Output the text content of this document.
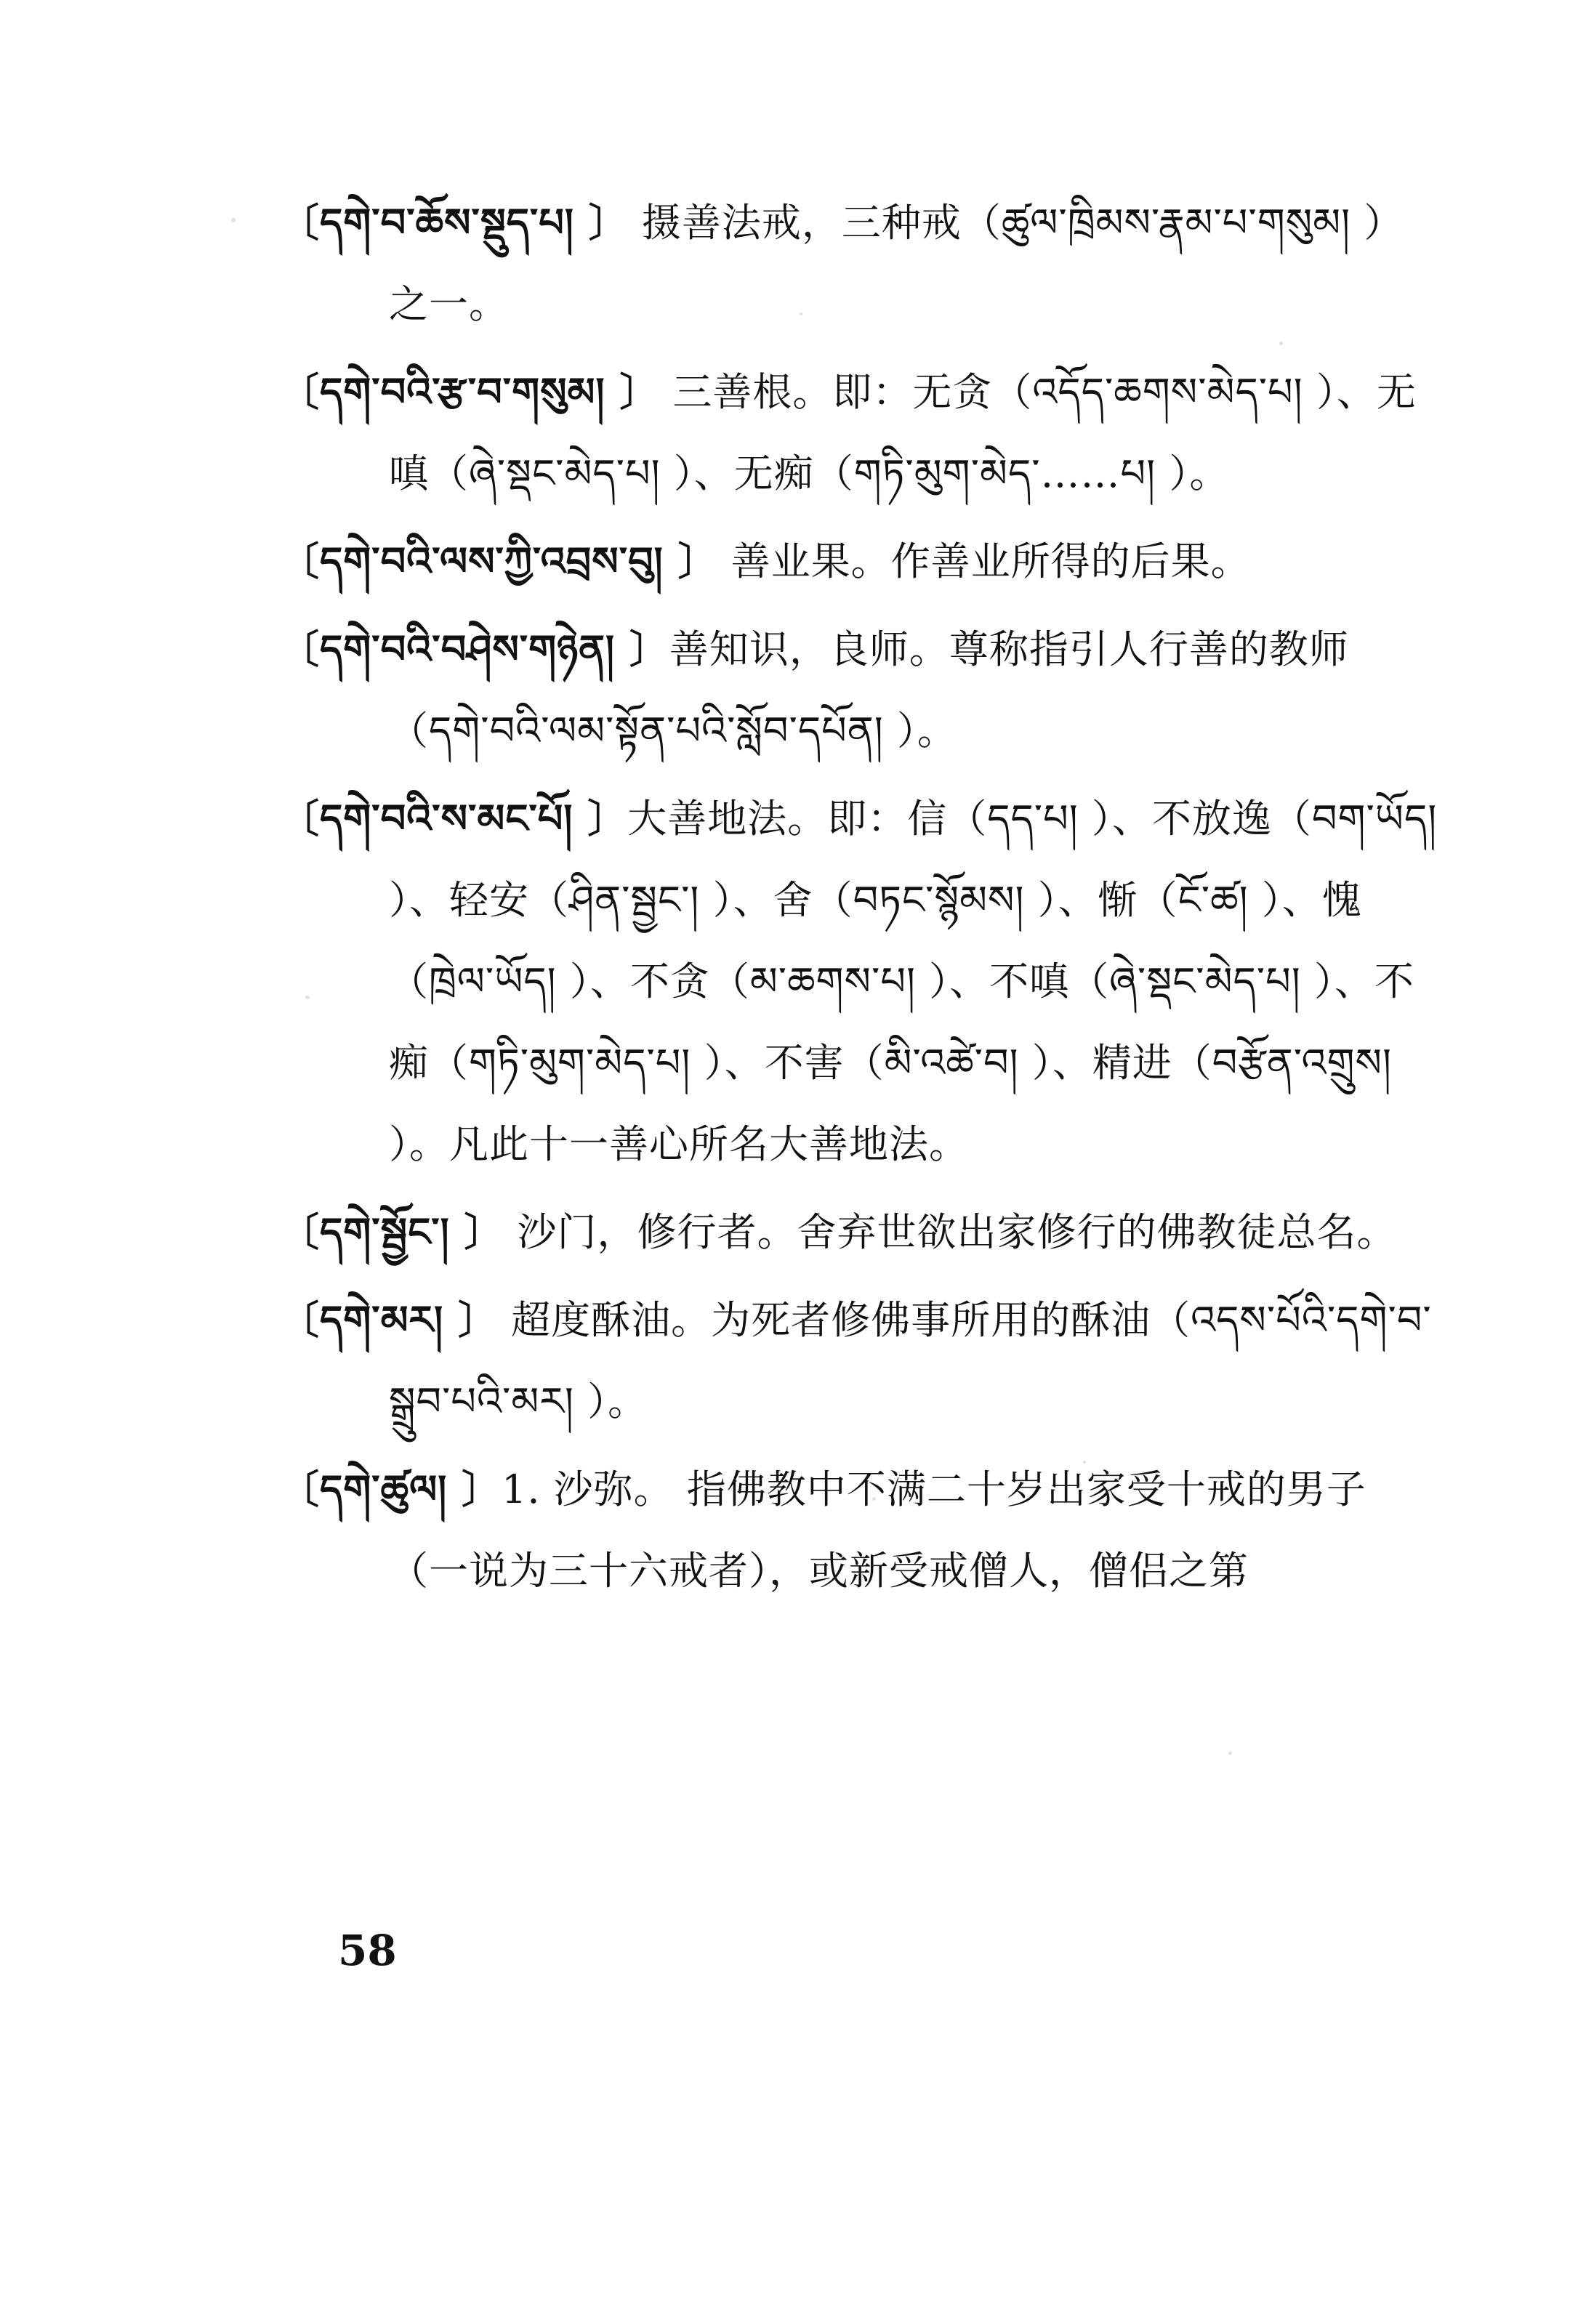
〔དགེ་བ་ཆོས་སྡུད་པ། 〕 摄善法戒，三种戒（ཚུལ་ཁྲིམས་རྣམ་པ་གསུམ། ）之一。

〔དགེ་བའི་རྩ་བ་གསུམ། 〕 三善根。即：无贪（འདོད་ཆགས་མེད་པ། ）、无嗔（ཞེ་སྡང་མེད་པ། ）、无痴（གཏི་མུག་མེད་……པ། ）。

〔དགེ་བའི་ལས་ཀྱི་འབྲས་བུ། 〕 善业果。作善业所得的后果。

〔དགེ་བའི་བཤེས་གཉེན། 〕善知识，良师。尊称指引人行善的教师（དགེ་བའི་ལམ་སྟོན་པའི་སློབ་དཔོན། ）。

〔དགེ་བའི་ས་མང་པོ། 〕大善地法。即：信（དད་པ། ）、不放逸（བག་ཡོད། ）、轻安（ཤིན་སྦྱང་། ）、舍（བཏང་སྙོམས། ）、惭（ངོ་ཚ། ）、愧（ཁྲེལ་ཡོད། ）、不贪（མ་ཆགས་པ། ）、不嗔（ཞེ་སྡང་མེད་པ། ）、不痴（གཏི་མུག་མེད་པ། ）、不害（མི་འཚེ་བ། ）、精进（བརྩོན་འགྲུས། ）。凡此十一善心所名大善地法。

〔དགེ་སྦྱོང་། 〕 沙门，修行者。舍弃世欲出家修行的佛教徒总名。

〔དགེ་མར། 〕 超度酥油。为死者修佛事所用的酥油（འདས་པོའི་དགེ་བ་སྒྲུབ་པའི་མར། ）。

〔དགེ་ཚུལ། 〕1. 沙弥。 指佛教中不满二十岁出家受十戒的男子（一说为三十六戒者），或新受戒僧人，僧侣之第

58
